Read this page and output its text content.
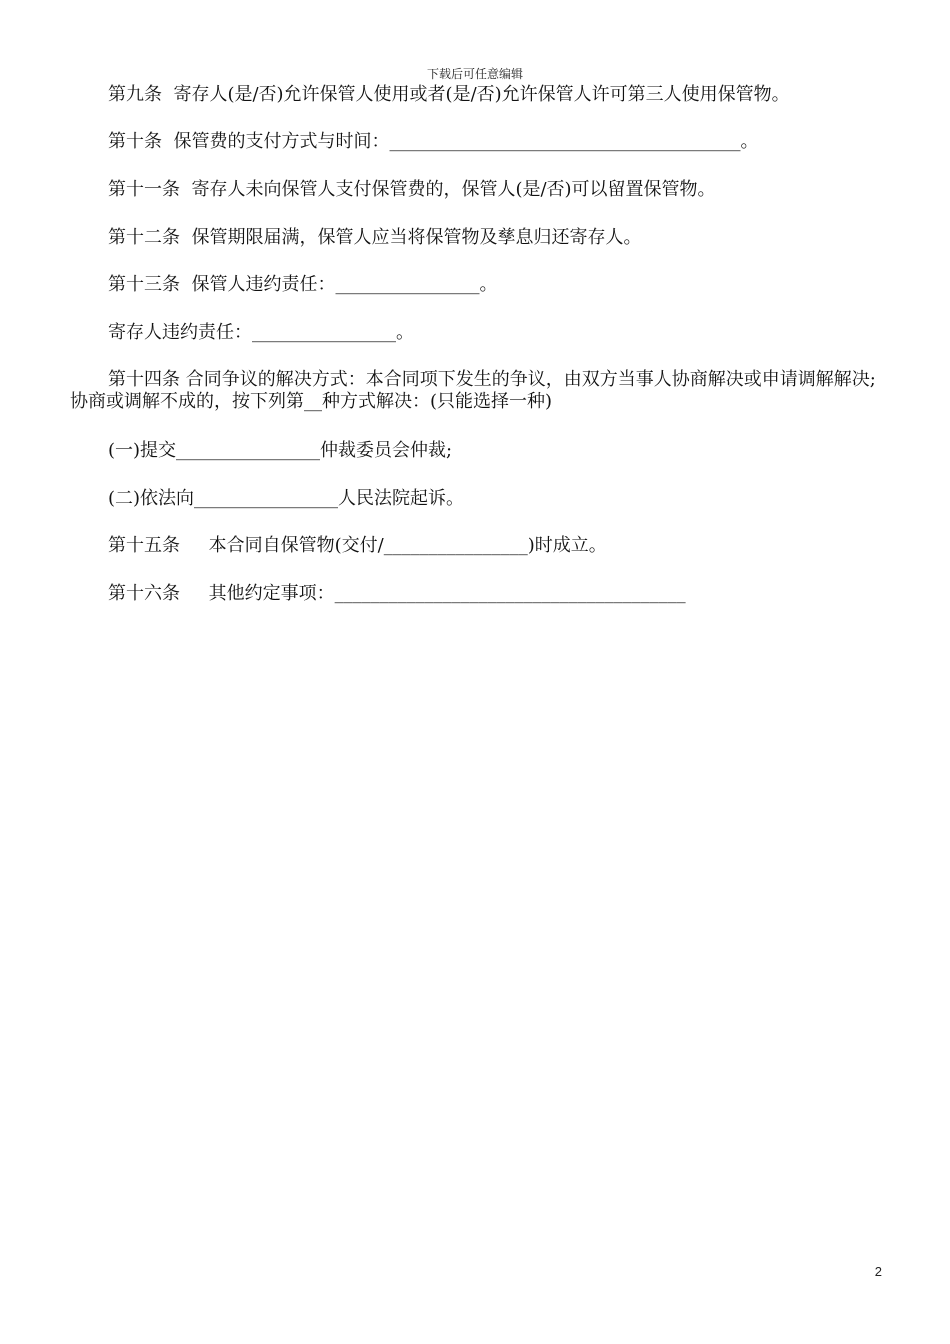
下载后可任意编辑
第九条  寄存人(是/否)允许保管人使用或者(是/否)允许保管人许可第三人使用保管物。
第十条  保管费的支付方式与时间：_______________________________________。
第十一条  寄存人未向保管人支付保管费的，保管人(是/否)可以留置保管物。
第十二条  保管期限届满，保管人应当将保管物及孳息归还寄存人。
第十三条  保管人违约责任：________________。
寄存人违约责任：________________。
第十四条 合同争议的解决方式：本合同项下发生的争议，由双方当事人协商解决或申请调解解决;协商或调解不成的，按下列第__种方式解决：(只能选择一种)
(一)提交________________仲裁委员会仲裁;
(二)依法向________________人民法院起诉。
第十五条     本合同自保管物(交付/________________)时成立。
第十六条     其他约定事项：_______________________________________
2
